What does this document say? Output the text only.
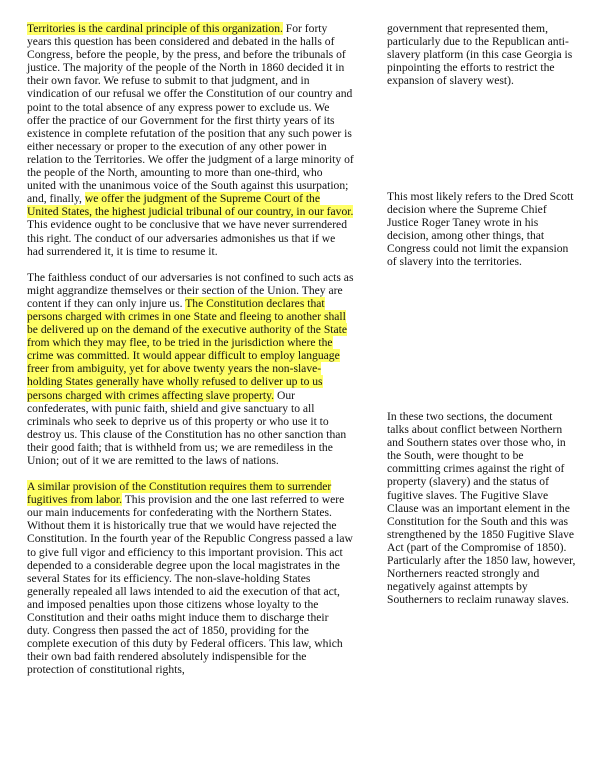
Territories is the cardinal principle of this organization. For forty years this question has been considered and debated in the halls of Congress, before the people, by the press, and before the tribunals of justice. The majority of the people of the North in 1860 decided it in their own favor. We refuse to submit to that judgment, and in vindication of our refusal we offer the Constitution of our country and point to the total absence of any express power to exclude us. We offer the practice of our Government for the first thirty years of its existence in complete refutation of the position that any such power is either necessary or proper to the execution of any other power in relation to the Territories. We offer the judgment of a large minority of the people of the North, amounting to more than one-third, who united with the unanimous voice of the South against this usurpation; and, finally, we offer the judgment of the Supreme Court of the United States, the highest judicial tribunal of our country, in our favor. This evidence ought to be conclusive that we have never surrendered this right. The conduct of our adversaries admonishes us that if we had surrendered it, it is time to resume it.

The faithless conduct of our adversaries is not confined to such acts as might aggrandize themselves or their section of the Union. They are content if they can only injure us. The Constitution declares that persons charged with crimes in one State and fleeing to another shall be delivered up on the demand of the executive authority of the State from which they may flee, to be tried in the jurisdiction where the crime was committed. It would appear difficult to employ language freer from ambiguity, yet for above twenty years the non-slave-holding States generally have wholly refused to deliver up to us persons charged with crimes affecting slave property. Our confederates, with punic faith, shield and give sanctuary to all criminals who seek to deprive us of this property or who use it to destroy us. This clause of the Constitution has no other sanction than their good faith; that is withheld from us; we are remediless in the Union; out of it we are remitted to the laws of nations.

A similar provision of the Constitution requires them to surrender fugitives from labor. This provision and the one last referred to were our main inducements for confederating with the Northern States. Without them it is historically true that we would have rejected the Constitution. In the fourth year of the Republic Congress passed a law to give full vigor and efficiency to this important provision. This act depended to a considerable degree upon the local magistrates in the several States for its efficiency. The non-slave-holding States generally repealed all laws intended to aid the execution of that act, and imposed penalties upon those citizens whose loyalty to the Constitution and their oaths might induce them to discharge their duty. Congress then passed the act of 1850, providing for the complete execution of this duty by Federal officers. This law, which their own bad faith rendered absolutely indispensible for the protection of constitutional rights,

government that represented them, particularly due to the Republican anti-slavery platform (in this case Georgia is pinpointing the efforts to restrict the expansion of slavery west).

This most likely refers to the Dred Scott decision where the Supreme Chief Justice Roger Taney wrote in his decision, among other things, that Congress could not limit the expansion of slavery into the territories.

In these two sections, the document talks about conflict between Northern and Southern states over those who, in the South, were thought to be committing crimes against the right of property (slavery) and the status of fugitive slaves. The Fugitive Slave Clause was an important element in the Constitution for the South and this was strengthened by the 1850 Fugitive Slave Act (part of the Compromise of 1850). Particularly after the 1850 law, however, Northerners reacted strongly and negatively against attempts by Southerners to reclaim runaway slaves.
